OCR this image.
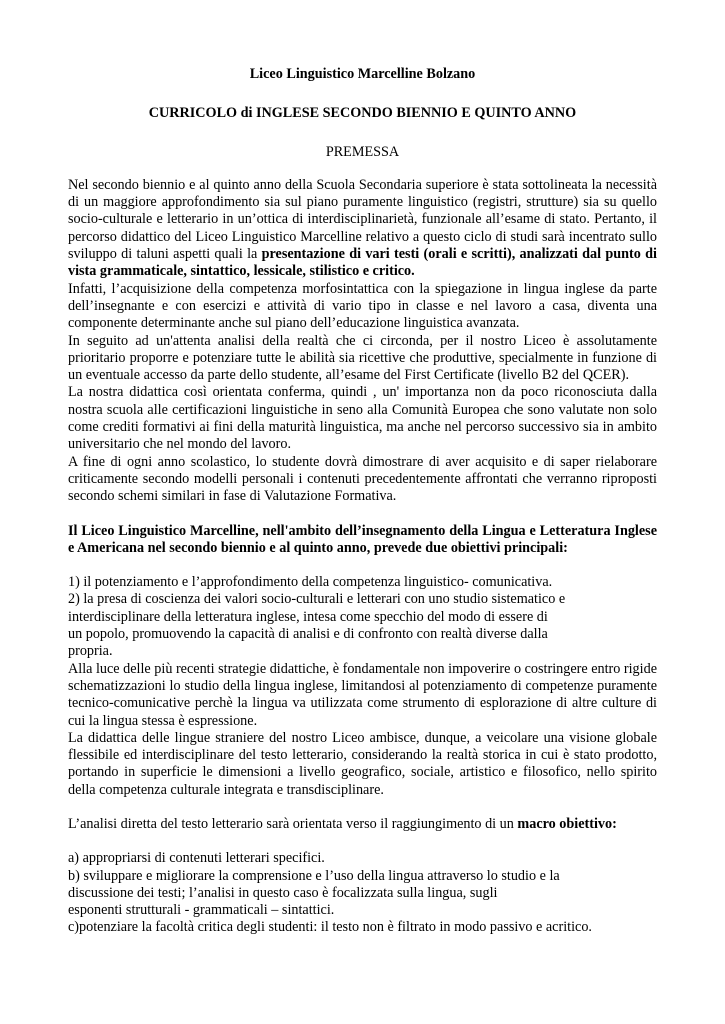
Liceo Linguistico Marcelline Bolzano

CURRICOLO di INGLESE SECONDO BIENNIO E QUINTO ANNO

PREMESSA

Nel secondo biennio e al quinto anno della Scuola Secondaria superiore è stata sottolineata la necessità di un maggiore approfondimento sia sul piano puramente linguistico (registri, strutture) sia su quello socio-culturale e letterario in un’ottica di interdisciplinarietà, funzionale all’esame di stato. Pertanto, il percorso didattico del Liceo Linguistico Marcelline relativo a questo ciclo di studi sarà incentrato sullo sviluppo di taluni aspetti quali la presentazione di vari testi (orali e scritti), analizzati dal punto di vista grammaticale, sintattico, lessicale, stilistico e critico.

Infatti, l’acquisizione della competenza morfosintattica con la spiegazione in lingua inglese da parte dell’insegnante e con esercizi e attività di vario tipo in classe e nel lavoro a casa, diventa una componente determinante anche sul piano dell’educazione linguistica avanzata.

In seguito ad un'attenta analisi della realtà che ci circonda, per il nostro Liceo è assolutamente prioritario proporre e potenziare tutte le abilità sia ricettive che produttive, specialmente in funzione di un eventuale accesso da parte dello studente, all’esame del First Certificate (livello B2 del QCER).

La nostra didattica così orientata conferma, quindi , un' importanza non da poco riconosciuta dalla nostra scuola alle certificazioni linguistiche in seno alla Comunità Europea che sono valutate non solo come crediti formativi ai fini della maturità linguistica, ma anche nel percorso successivo sia in ambito universitario che nel mondo del lavoro.

A fine di ogni anno scolastico, lo studente dovrà dimostrare di aver acquisito e di saper rielaborare criticamente secondo modelli personali i contenuti precedentemente affrontati che verranno riproposti secondo schemi similari in fase di Valutazione Formativa.

Il Liceo Linguistico Marcelline, nell'ambito dell’insegnamento della Lingua e Letteratura Inglese e Americana nel secondo biennio e al quinto anno, prevede due obiettivi principali:

1) il potenziamento e l’approfondimento della competenza linguistico- comunicativa.

2) la presa di coscienza dei valori socio-culturali e letterari con uno studio sistematico e

interdisciplinare della letteratura inglese, intesa come specchio del modo di essere di

un popolo, promuovendo la capacità di analisi e di confronto con realtà diverse dalla

propria.

Alla luce delle più recenti strategie didattiche, è fondamentale non impoverire o costringere entro rigide schematizzazioni lo studio della lingua inglese, limitandosi al potenziamento di competenze puramente tecnico-comunicative perchè la lingua va utilizzata come strumento di esplorazione di altre culture di cui la lingua stessa è espressione.

La didattica delle lingue straniere del nostro Liceo ambisce, dunque, a veicolare una visione globale flessibile ed interdisciplinare del testo letterario, considerando la realtà storica in cui è stato prodotto, portando in superficie le dimensioni a livello geografico, sociale, artistico e filosofico, nello spirito della competenza culturale integrata e transdisciplinare.

L’analisi diretta del testo letterario sarà orientata verso il raggiungimento di un macro obiettivo:

a) appropriarsi di contenuti letterari specifici.

b) sviluppare e migliorare la comprensione e l’uso della lingua attraverso lo studio e la

discussione dei testi; l’analisi in questo caso è focalizzata sulla lingua, sugli

esponenti strutturali - grammaticali – sintattici.

c)potenziare la facoltà critica degli studenti: il testo non è filtrato in modo passivo e acritico.
